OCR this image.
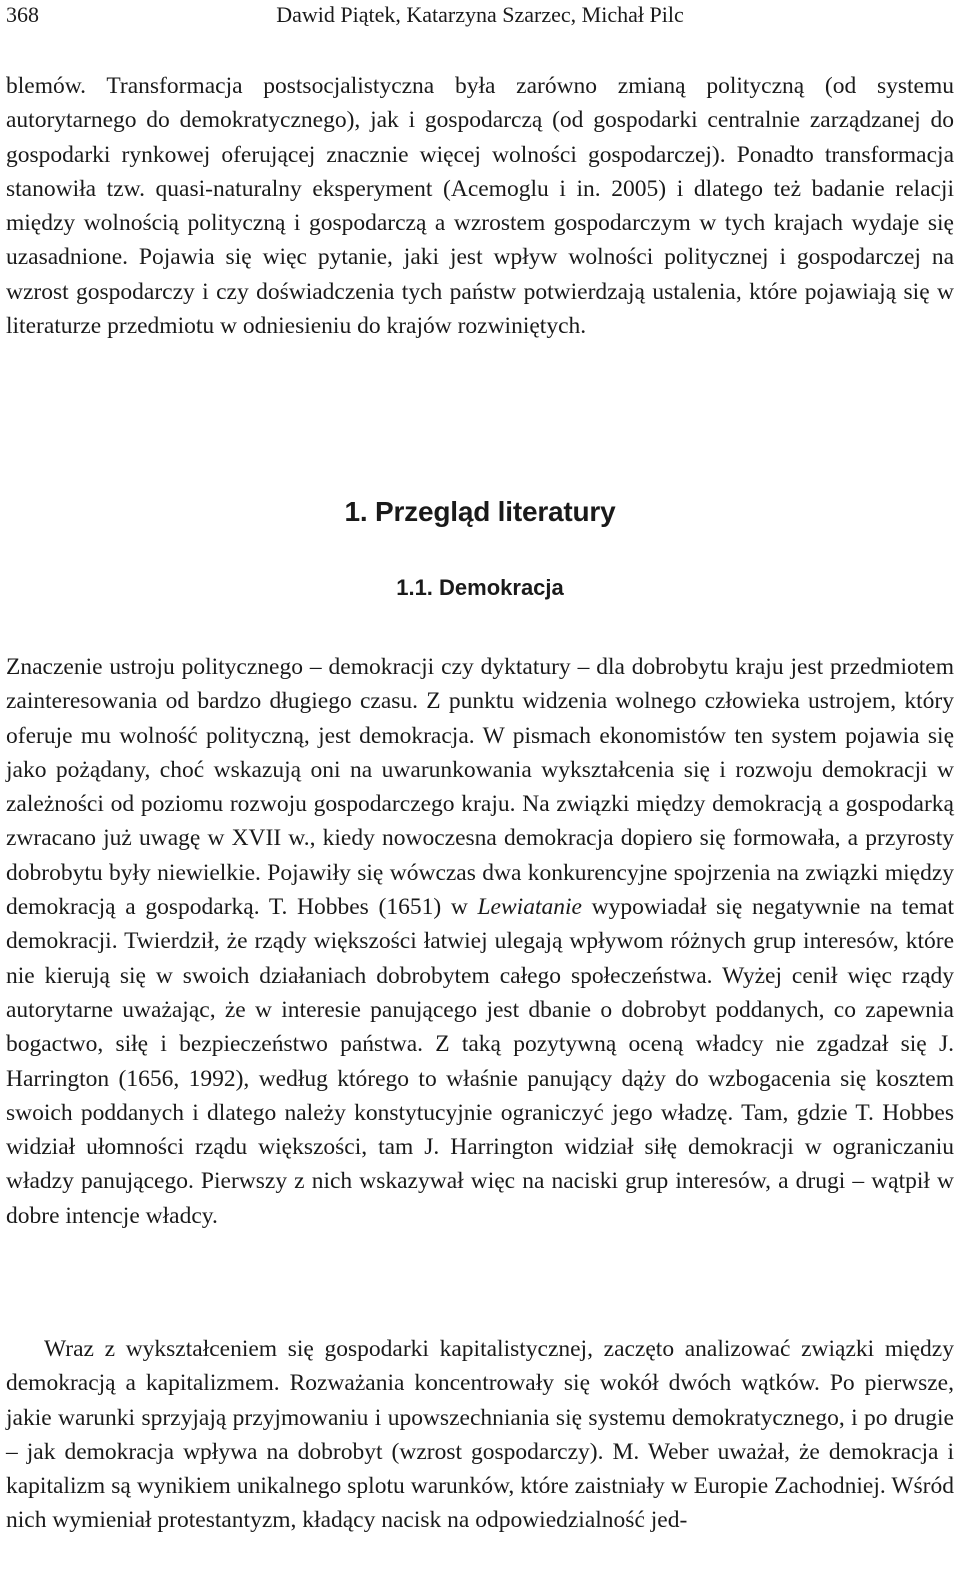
368	Dawid Piątek, Katarzyna Szarzec, Michał Pilc

blemów. Transformacja postsocjalistyczna była zarówno zmianą polityczną (od systemu autorytarnego do demokratycznego), jak i gospodarczą (od gospodarki centralnie zarządzanej do gospodarki rynkowej oferującej znacznie więcej wolności gospodarczej). Ponadto transformacja stanowiła tzw. quasi-naturalny eksperyment (Acemoglu i in. 2005) i dlatego też badanie relacji między wolnością polityczną i gospodarczą a wzrostem gospodarczym w tych krajach wydaje się uzasadnione. Pojawia się więc pytanie, jaki jest wpływ wolności politycznej i gospodarczej na wzrost gospodarczy i czy doświadczenia tych państw potwierdzają ustalenia, które pojawiają się w literaturze przedmiotu w odniesieniu do krajów rozwiniętych.

1. Przegląd literatury
1.1. Demokracja

Znaczenie ustroju politycznego – demokracji czy dyktatury – dla dobrobytu kraju jest przedmiotem zainteresowania od bardzo długiego czasu. Z punktu widzenia wolnego człowieka ustrojem, który oferuje mu wolność polityczną, jest demokracja. W pismach ekonomistów ten system pojawia się jako pożądany, choć wskazują oni na uwarunkowania wykształcenia się i rozwoju demokracji w zależności od poziomu rozwoju gospodarczego kraju. Na związki między demokracją a gospodarką zwracano już uwagę w XVII w., kiedy nowoczesna demokracja dopiero się formowała, a przyrosty dobrobytu były niewielkie. Pojawiły się wówczas dwa konkurencyjne spojrzenia na związki między demokracją a gospodarką. T. Hobbes (1651) w Lewiatanie wypowiadał się negatywnie na temat demokracji. Twierdził, że rządy większości łatwiej ulegają wpływom różnych grup interesów, które nie kierują się w swoich działaniach dobrobytem całego społeczeństwa. Wyżej cenił więc rządy autorytarne uważając, że w interesie panującego jest dbanie o dobrobyt poddanych, co zapewnia bogactwo, siłę i bezpieczeństwo państwa. Z taką pozytywną oceną władcy nie zgadzał się J. Harrington (1656, 1992), według którego to właśnie panujący dąży do wzbogacenia się kosztem swoich poddanych i dlatego należy konstytucyjnie ograniczyć jego władzę. Tam, gdzie T. Hobbes widział ułomności rządu większości, tam J. Harrington widział siłę demokracji w ograniczaniu władzy panującego. Pierwszy z nich wskazywał więc na naciski grup interesów, a drugi – wątpił w dobre intencje władcy.

Wraz z wykształceniem się gospodarki kapitalistycznej, zaczęto analizować związki między demokracją a kapitalizmem. Rozważania koncentrowały się wokół dwóch wątków. Po pierwsze, jakie warunki sprzyjają przyjmowaniu i upowszechniania się systemu demokratycznego, i po drugie – jak demokracja wpływa na dobrobyt (wzrost gospodarczy). M. Weber uważał, że demokracja i kapitalizm są wynikiem unikalnego splotu warunków, które zaistniały w Europie Zachodniej. Wśród nich wymieniał protestantyzm, kładący nacisk na odpowiedzialność jed-
